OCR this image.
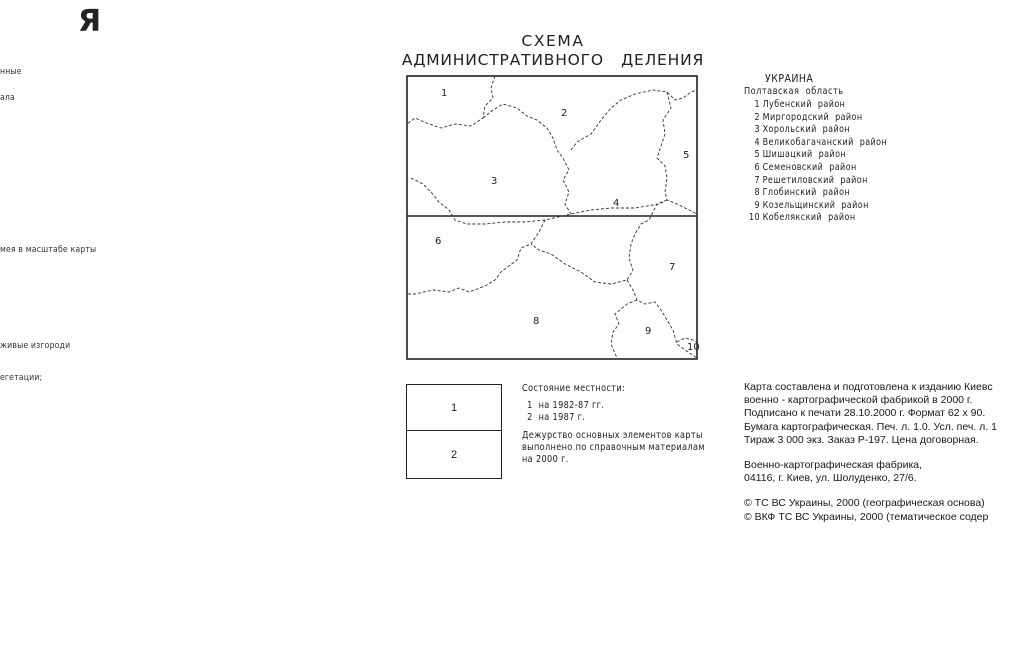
Я
нные
ала
мея в масштабе карты
живые изгороди
егетации;
СХЕМА
АДМИНИСТРАТИВНОГО   ДЕЛЕНИЯ
1
2
3
4
5
6
7
8
9
10
УКРАИНА
Полтавская  область
1 Лубенский  район
2 Миргородский  район
3 Хорольский  район
4 Великобагачанский  район
5 Шишацкий  район
6 Семеновский  район
7 Решетиловский  район
8 Глобинский  район
9 Козельщинский  район
10 Кобелякский  район
1
2
Состояние местности:
1  на 1982-87 гг.
2  на 1987 г.
Дежурство основных элементов карты
выполнено по справочным материалам
на 2000 г.
Карта составлена и подготовлена к изданию Киевс
военно - картографической фабрикой в 2000 г.
Подписано к печати 28.10.2000 г. Формат 62 х 90.
Бумага картографическая. Печ. л. 1.0. Усл. печ. л. 1
Тираж 3 000 экз. Заказ Р-197. Цена договорная.
Военно-картографическая фабрика,
04116, г. Киев, ул. Шолуденко, 27/6.
© ТС ВС Украины, 2000 (географическая основа)
© ВКФ ТС ВС Украины, 2000 (тематическое содер
